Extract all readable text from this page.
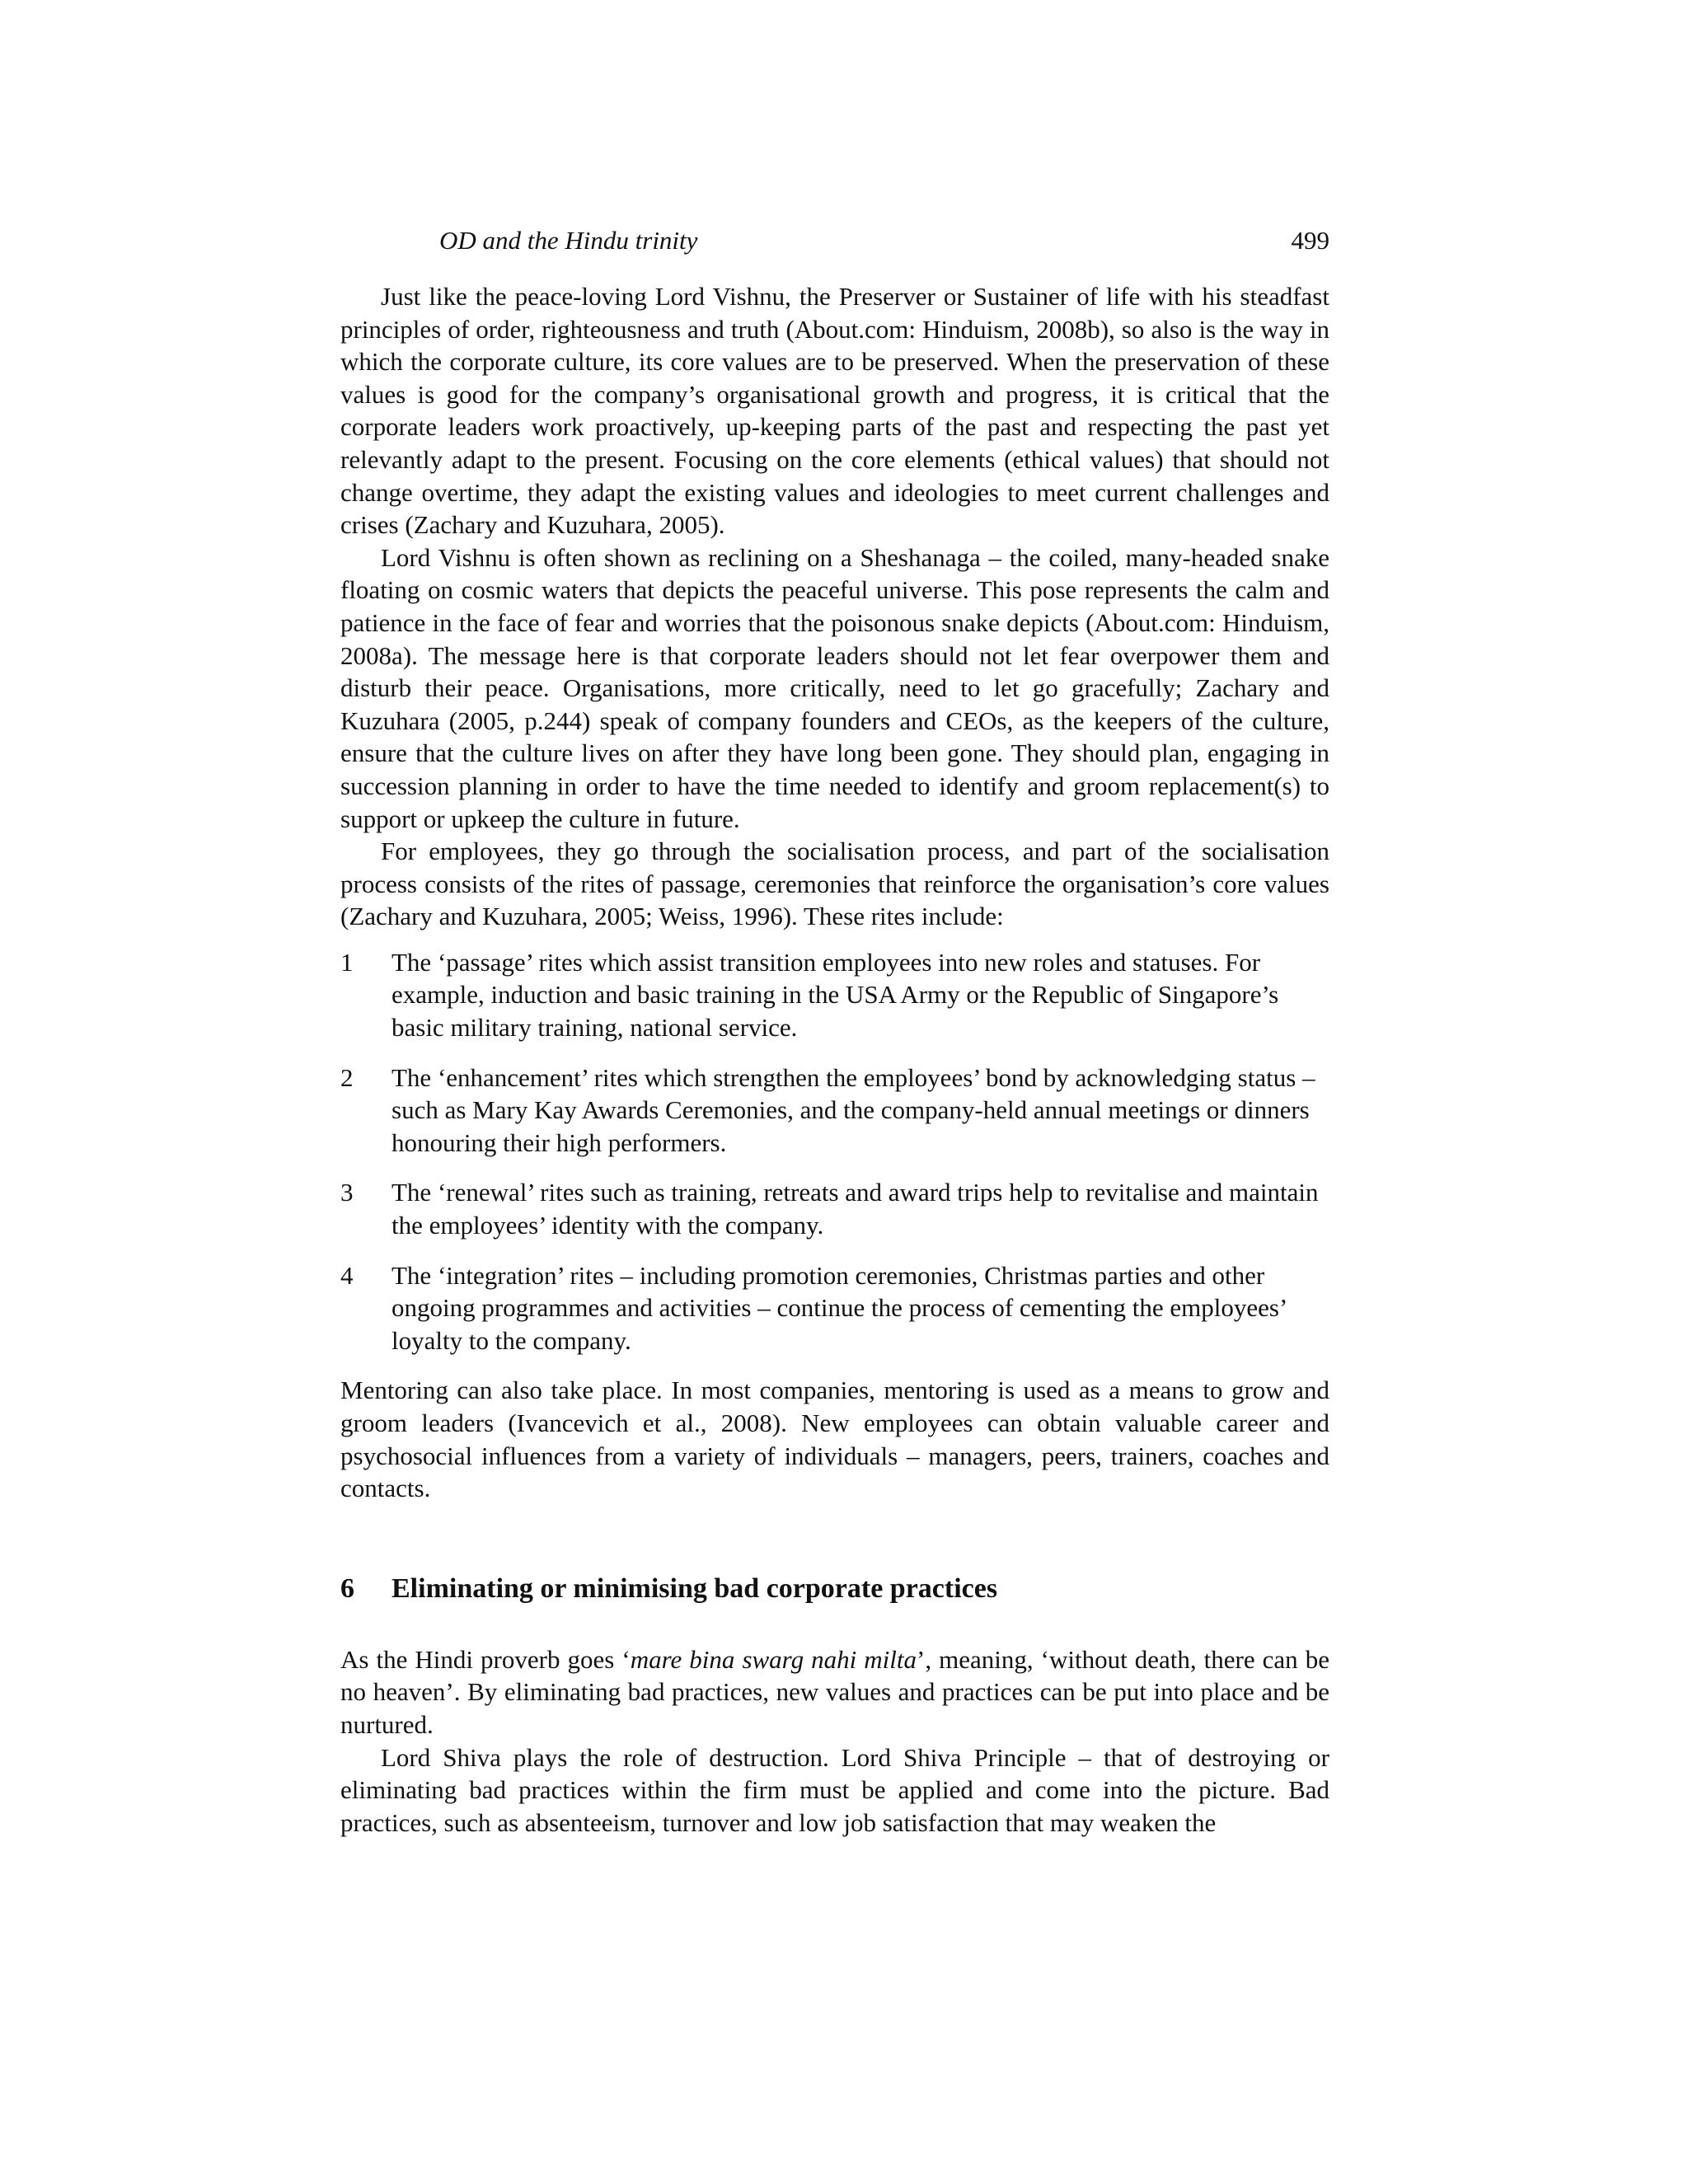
OD and the Hindu trinity	499

Just like the peace-loving Lord Vishnu, the Preserver or Sustainer of life with his steadfast principles of order, righteousness and truth (About.com: Hinduism, 2008b), so also is the way in which the corporate culture, its core values are to be preserved. When the preservation of these values is good for the company’s organisational growth and progress, it is critical that the corporate leaders work proactively, up-keeping parts of the past and respecting the past yet relevantly adapt to the present. Focusing on the core elements (ethical values) that should not change overtime, they adapt the existing values and ideologies to meet current challenges and crises (Zachary and Kuzuhara, 2005).

Lord Vishnu is often shown as reclining on a Sheshanaga – the coiled, many-headed snake floating on cosmic waters that depicts the peaceful universe. This pose represents the calm and patience in the face of fear and worries that the poisonous snake depicts (About.com: Hinduism, 2008a). The message here is that corporate leaders should not let fear overpower them and disturb their peace. Organisations, more critically, need to let go gracefully; Zachary and Kuzuhara (2005, p.244) speak of company founders and CEOs, as the keepers of the culture, ensure that the culture lives on after they have long been gone. They should plan, engaging in succession planning in order to have the time needed to identify and groom replacement(s) to support or upkeep the culture in future.

For employees, they go through the socialisation process, and part of the socialisation process consists of the rites of passage, ceremonies that reinforce the organisation’s core values (Zachary and Kuzuhara, 2005; Weiss, 1996). These rites include:

1 The ‘passage’ rites which assist transition employees into new roles and statuses. For example, induction and basic training in the USA Army or the Republic of Singapore’s basic military training, national service.
2 The ‘enhancement’ rites which strengthen the employees’ bond by acknowledging status – such as Mary Kay Awards Ceremonies, and the company-held annual meetings or dinners honouring their high performers.
3 The ‘renewal’ rites such as training, retreats and award trips help to revitalise and maintain the employees’ identity with the company.
4 The ‘integration’ rites – including promotion ceremonies, Christmas parties and other ongoing programmes and activities – continue the process of cementing the employees’ loyalty to the company.

Mentoring can also take place. In most companies, mentoring is used as a means to grow and groom leaders (Ivancevich et al., 2008). New employees can obtain valuable career and psychosocial influences from a variety of individuals – managers, peers, trainers, coaches and contacts.

6 Eliminating or minimising bad corporate practices

As the Hindi proverb goes ‘mare bina swarg nahi milta’, meaning, ‘without death, there can be no heaven’. By eliminating bad practices, new values and practices can be put into place and be nurtured.

Lord Shiva plays the role of destruction. Lord Shiva Principle – that of destroying or eliminating bad practices within the firm must be applied and come into the picture. Bad practices, such as absenteeism, turnover and low job satisfaction that may weaken the
